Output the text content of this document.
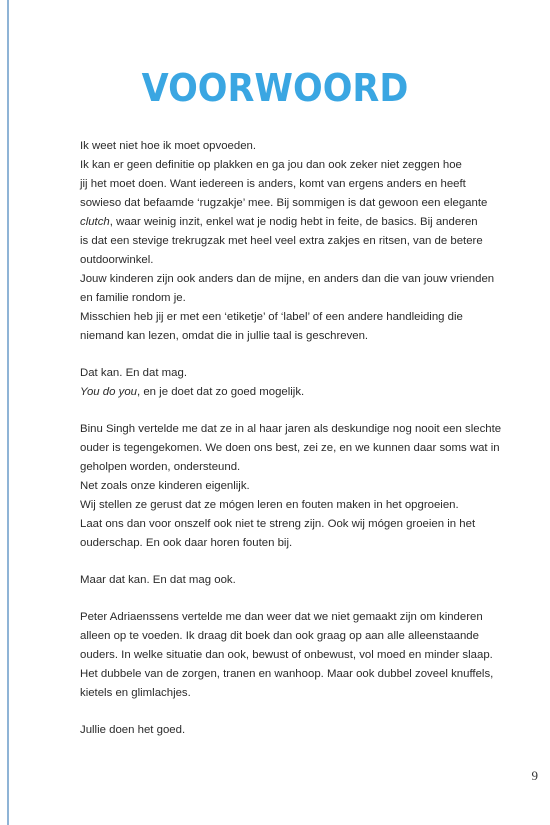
VOORWOORD

Ik weet niet hoe ik moet opvoeden.
Ik kan er geen definitie op plakken en ga jou dan ook zeker niet zeggen hoe
jij het moet doen. Want iedereen is anders, komt van ergens anders en heeft
sowieso dat befaamde ‘rugzakje’ mee. Bij sommigen is dat gewoon een elegante
clutch, waar weinig inzit, enkel wat je nodig hebt in feite, de basics. Bij anderen
is dat een stevige trekrugzak met heel veel extra zakjes en ritsen, van de betere
outdoorwinkel.
Jouw kinderen zijn ook anders dan de mijne, en anders dan die van jouw vrienden
en familie rondom je.
Misschien heb jij er met een ‘etiketje’ of ‘label’ of een andere handleiding die
niemand kan lezen, omdat die in jullie taal is geschreven.

Dat kan. En dat mag.
You do you, en je doet dat zo goed mogelijk.

Binu Singh vertelde me dat ze in al haar jaren als deskundige nog nooit een slechte
ouder is tegengekomen. We doen ons best, zei ze, en we kunnen daar soms wat in
geholpen worden, ondersteund.
Net zoals onze kinderen eigenlijk.
Wij stellen ze gerust dat ze mógen leren en fouten maken in het opgroeien.
Laat ons dan voor onszelf ook niet te streng zijn. Ook wij mógen groeien in het
ouderschap. En ook daar horen fouten bij.

Maar dat kan. En dat mag ook.

Peter Adriaenssens vertelde me dan weer dat we niet gemaakt zijn om kinderen
alleen op te voeden. Ik draag dit boek dan ook graag op aan alle alleenstaande
ouders. In welke situatie dan ook, bewust of onbewust, vol moed en minder slaap.
Het dubbele van de zorgen, tranen en wanhoop. Maar ook dubbel zoveel knuffels,
kietels en glimlachjes.

Jullie doen het goed.

9
